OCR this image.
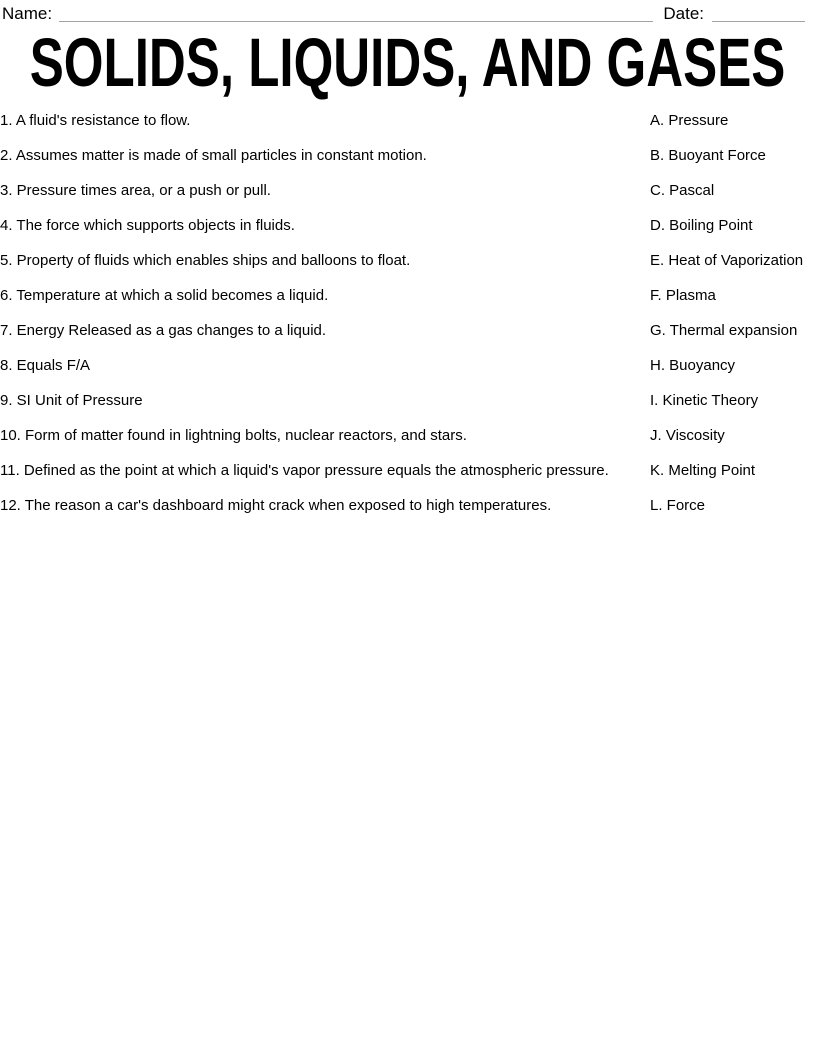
Name:	Date:
SOLIDS, LIQUIDS, AND GASES
1. A fluid's resistance to flow.	A. Pressure
2. Assumes matter is made of small particles in constant motion.	B. Buoyant Force
3. Pressure times area, or a push or pull.	C. Pascal
4. The force which supports objects in fluids.	D. Boiling Point
5. Property of fluids which enables ships and balloons to float.	E. Heat of Vaporization
6. Temperature at which a solid becomes a liquid.	F. Plasma
7. Energy Released as a gas changes to a liquid.	G. Thermal expansion
8. Equals F/A	H. Buoyancy
9. SI Unit of Pressure	I. Kinetic Theory
10. Form of matter found in lightning bolts, nuclear reactors, and stars.	J. Viscosity
11. Defined as the point at which a liquid's vapor pressure equals the atmospheric pressure.	K. Melting Point
12. The reason a car's dashboard might crack when exposed to high temperatures.	L. Force
